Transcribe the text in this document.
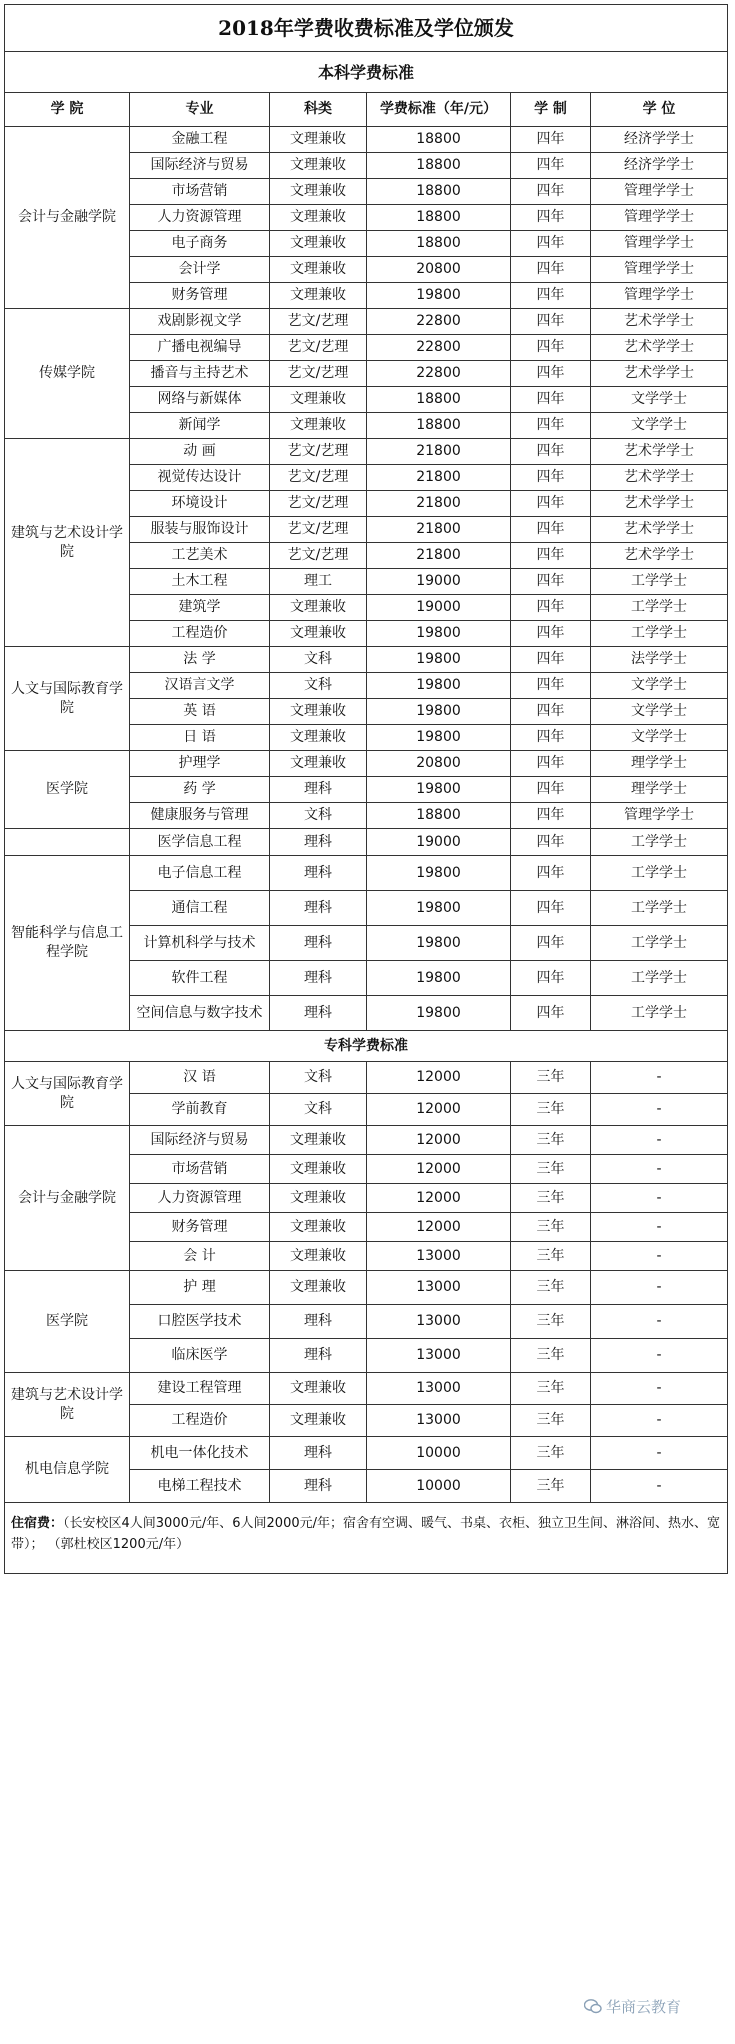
2018年学费收费标准及学位颁发					
本科学费标准					
学 院	专业	科类	学费标准（年/元）	学 制	学 位
会计与金融学院	金融工程	文理兼收	18800	四年	经济学学士
	国际经济与贸易	文理兼收	18800	四年	经济学学士
	市场营销	文理兼收	18800	四年	管理学学士
	人力资源管理	文理兼收	18800	四年	管理学学士
	电子商务	文理兼收	18800	四年	管理学学士
	会计学	文理兼收	20800	四年	管理学学士
	财务管理	文理兼收	19800	四年	管理学学士
传媒学院	戏剧影视文学	艺文/艺理	22800	四年	艺术学学士
	广播电视编导	艺文/艺理	22800	四年	艺术学学士
	播音与主持艺术	艺文/艺理	22800	四年	艺术学学士
	网络与新媒体	文理兼收	18800	四年	文学学士
	新闻学	文理兼收	18800	四年	文学学士
建筑与艺术设计学院	动 画	艺文/艺理	21800	四年	艺术学学士
	视觉传达设计	艺文/艺理	21800	四年	艺术学学士
	环境设计	艺文/艺理	21800	四年	艺术学学士
	服装与服饰设计	艺文/艺理	21800	四年	艺术学学士
	工艺美术	艺文/艺理	21800	四年	艺术学学士
	土木工程	理工	19000	四年	工学学士
	建筑学	文理兼收	19000	四年	工学学士
	工程造价	文理兼收	19800	四年	工学学士
人文与国际教育学院	法 学	文科	19800	四年	法学学士
	汉语言文学	文科	19800	四年	文学学士
	英 语	文理兼收	19800	四年	文学学士
	日 语	文理兼收	19800	四年	文学学士
医学院	护理学	文理兼收	20800	四年	理学学士
	药 学	理科	19800	四年	理学学士
	健康服务与管理	文科	18800	四年	管理学学士
	医学信息工程	理科	19000	四年	工学学士
智能科学与信息工程学院	电子信息工程	理科	19800	四年	工学学士
	通信工程	理科	19800	四年	工学学士
	计算机科学与技术	理科	19800	四年	工学学士
	软件工程	理科	19800	四年	工学学士
	空间信息与数字技术	理科	19800	四年	工学学士
专科学费标准					
人文与国际教育学院	汉 语	文科	12000	三年	-
	学前教育	文科	12000	三年	-
会计与金融学院	国际经济与贸易	文理兼收	12000	三年	-
	市场营销	文理兼收	12000	三年	-
	人力资源管理	文理兼收	12000	三年	-
	财务管理	文理兼收	12000	三年	-
	会 计	文理兼收	13000	三年	-
医学院	护 理	文理兼收	13000	三年	-
	口腔医学技术	理科	13000	三年	-
	临床医学	理科	13000	三年	-
建筑与艺术设计学院	建设工程管理	文理兼收	13000	三年	-
	工程造价	文理兼收	13000	三年	-
机电信息学院	机电一体化技术	理科	10000	三年	-
	电梯工程技术	理科	10000	三年	-
住宿费：（长安校区4人间3000元/年、6人间2000元/年；宿舍有空调、暖气、书桌、衣柜、独立卫生间、淋浴间、热水、宽带）； （郭杜校区1200元/年）					
华商云教育
